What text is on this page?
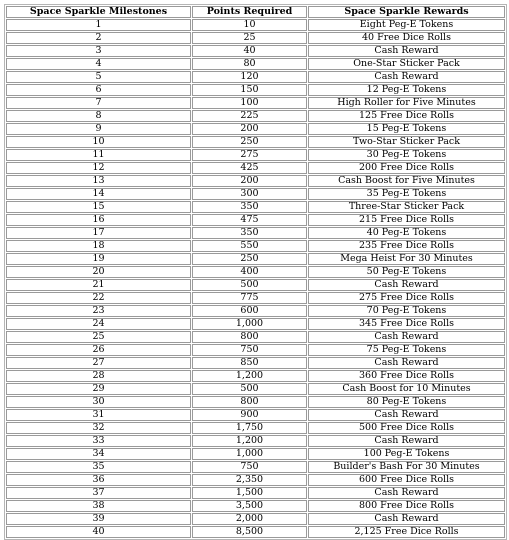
Space Sparkle Milestones	Points Required	Space Sparkle Rewards
1	10	Eight Peg-E Tokens
2	25	40 Free Dice Rolls
3	40	Cash Reward
4	80	One-Star Sticker Pack
5	120	Cash Reward
6	150	12 Peg-E Tokens
7	100	High Roller for Five Minutes
8	225	125 Free Dice Rolls
9	200	15 Peg-E Tokens
10	250	Two-Star Sticker Pack
11	275	30 Peg-E Tokens
12	425	200 Free Dice Rolls
13	200	Cash Boost for Five Minutes
14	300	35 Peg-E Tokens
15	350	Three-Star Sticker Pack
16	475	215 Free Dice Rolls
17	350	40 Peg-E Tokens
18	550	235 Free Dice Rolls
19	250	Mega Heist For 30 Minutes
20	400	50 Peg-E Tokens
21	500	Cash Reward
22	775	275 Free Dice Rolls
23	600	70 Peg-E Tokens
24	1,000	345 Free Dice Rolls
25	800	Cash Reward
26	750	75 Peg-E Tokens
27	850	Cash Reward
28	1,200	360 Free Dice Rolls
29	500	Cash Boost for 10 Minutes
30	800	80 Peg-E Tokens
31	900	Cash Reward
32	1,750	500 Free Dice Rolls
33	1,200	Cash Reward
34	1,000	100 Peg-E Tokens
35	750	Builder's Bash For 30 Minutes
36	2,350	600 Free Dice Rolls
37	1,500	Cash Reward
38	3,500	800 Free Dice Rolls
39	2,000	Cash Reward
40	8,500	2,125 Free Dice Rolls
